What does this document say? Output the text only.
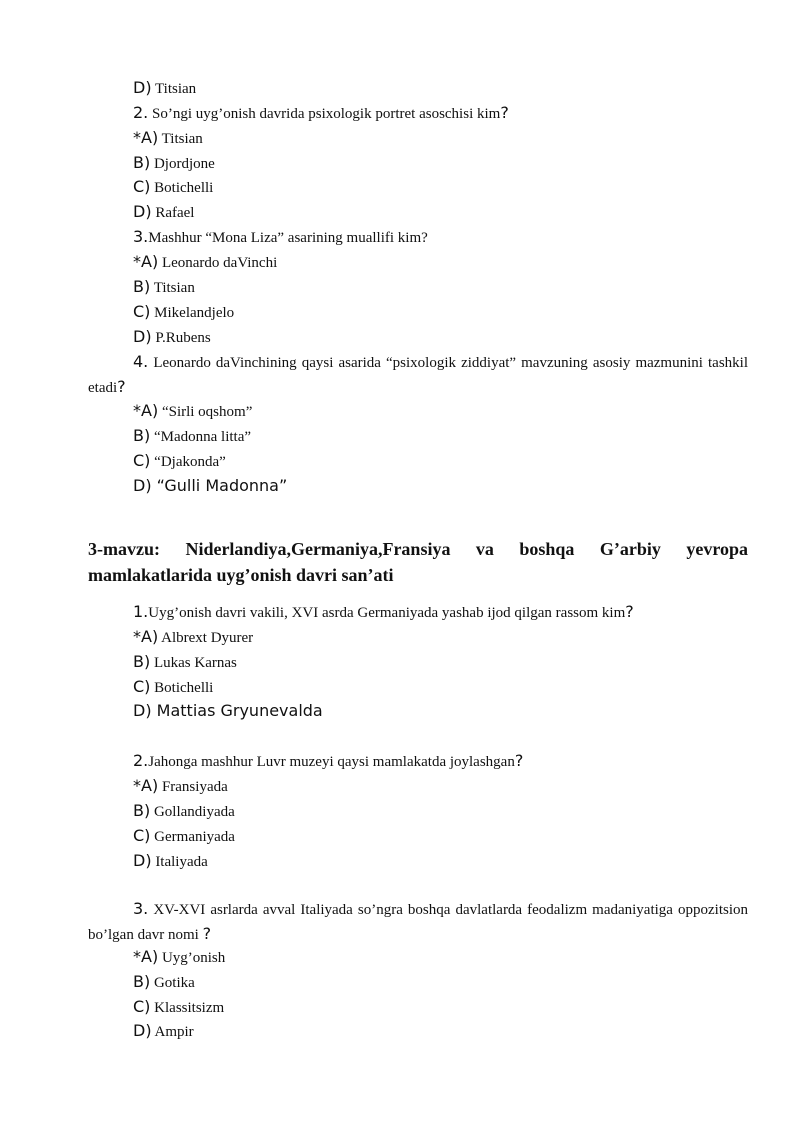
D) Titsian
2. So’ngi uyg’onish davrida psixologik portret asoschisi kim?
*A) Titsian
B) Djordjone
C) Botichelli
D) Rafael
3.Mashhur “Mona Liza” asarining muallifi kim?
*A) Leonardo daVinchi
B) Titsian
C) Mikelandjelo
D) P.Rubens
4. Leonardo daVinchining qaysi asarida “psixologik ziddiyat” mavzuning asosiy mazmunini tashkil etadi?
*A) “Sirli oqshom”
B) “Madonna litta”
C) “Djakonda”
D) “Gulli Madonna”
3-mavzu: Niderlandiya,Germaniya,Fransiya va boshqa G’arbiy yevropa mamlakatlarida uyg’onish davri san’ati
1.Uyg’onish davri vakili, XVI asrda Germaniyada yashab ijod qilgan rassom kim?
*A) Albrext Dyurer
B) Lukas Karnas
C) Botichelli
D) Mattias Gryunevalda
2.Jahonga mashhur Luvr muzeyi qaysi mamlakatda joylashgan?
*A) Fransiyada
B) Gollandiyada
C) Germaniyada
D) Italiyada
3. XV-XVI asrlarda avval Italiyada so’ngra boshqa davlatlarda feodalizm madaniyatiga oppozitsion bo’lgan davr nomi ?
*A) Uyg’onish
B) Gotika
C) Klassitsizm
D) Ampir
